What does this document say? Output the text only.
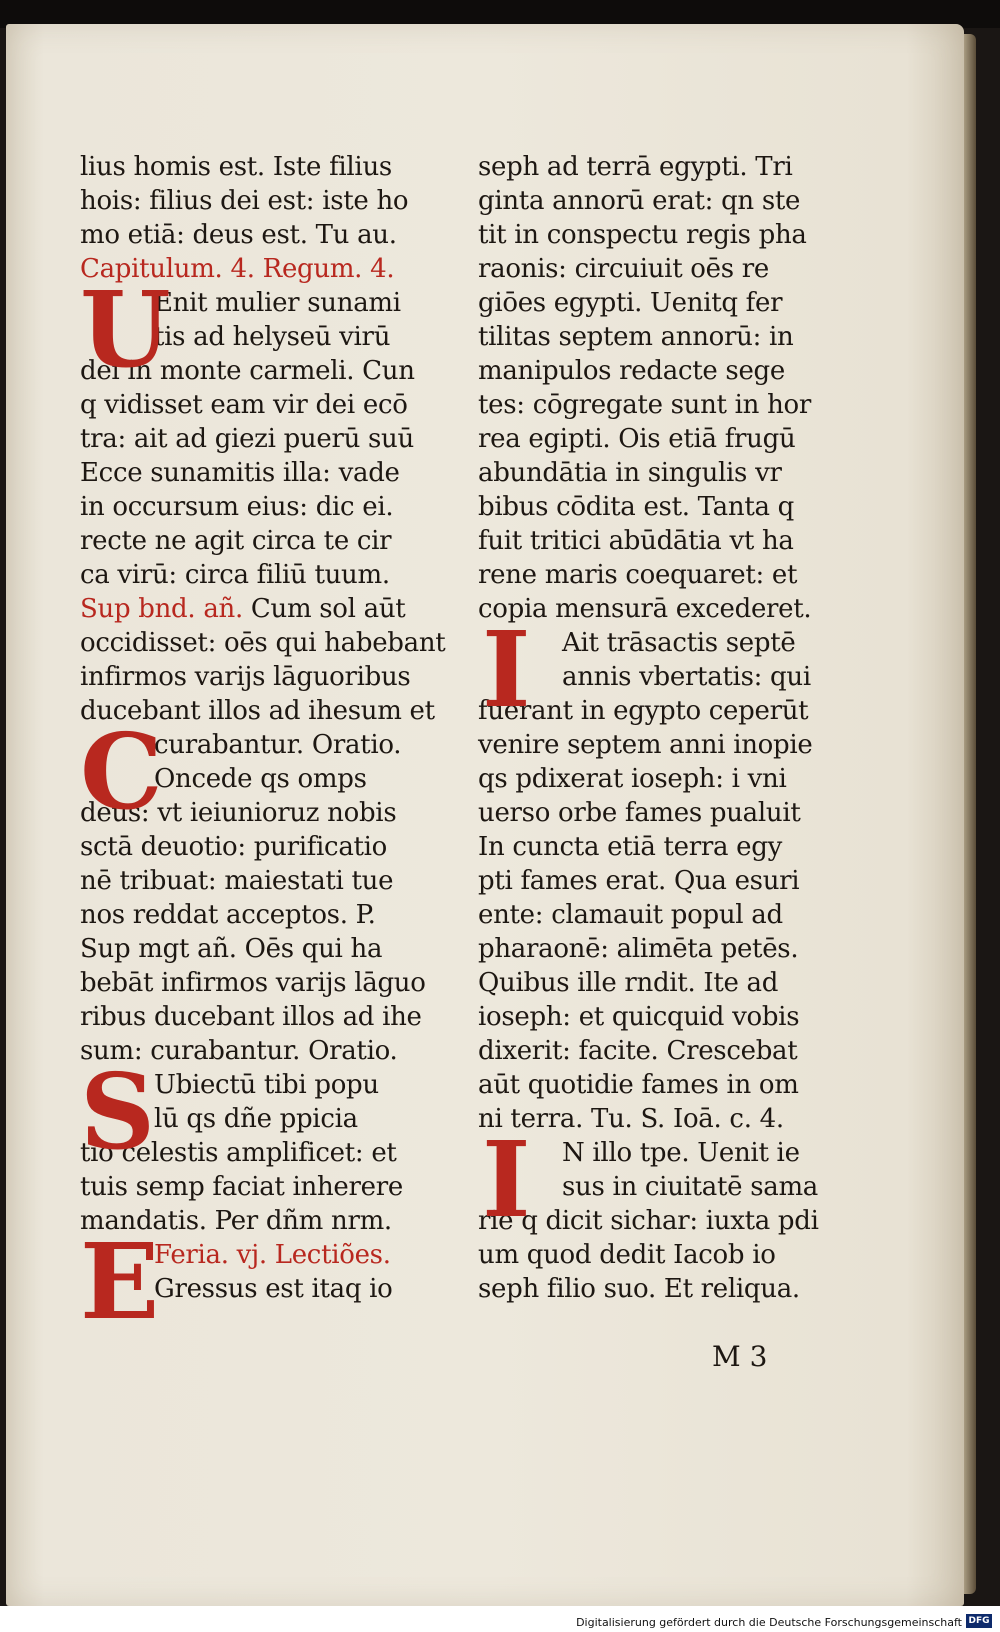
lius homis est. Iste filius
hois: filius dei est: iste ho
mo etiā: deus est. Tu au.
Capitulum. 4. Regum. 4.
Enit mulier sunami
tis ad helyseū virū
dei in monte carmeli. Cun
q vidisset eam vir dei ecō
tra: ait ad giezi puerū suū
Ecce sunamitis illa: vade
in occursum eius: dic ei.
recte ne agit circa te cir
ca virū: circa filiū tuum.
Sup bnd. añ. Cum sol aūt
occidisset: oēs qui habebant
infirmos varijs lāguoribus
ducebant illos ad ihesum et
curabantur. Oratio.
Oncede qs omps
deus: vt ieiunioruz nobis
sctā deuotio: purificatio
nē tribuat: maiestati tue
nos reddat acceptos. P.
Sup mgt añ. Oēs qui ha
bebāt infirmos varijs lāguo
ribus ducebant illos ad ihe
sum: curabantur. Oratio.
Ubiectū tibi popu
lū qs dñe ppicia
tio celestis amplificet: et
tuis semp faciat inherere
mandatis. Per dñm nrm.
Feria. vj. Lectiões.
Gressus est itaq io
U
C
S
E
seph ad terrā egypti. Tri
ginta annorū erat: qn ste
tit in conspectu regis pha
raonis: circuiuit oēs re
giōes egypti. Uenitq fer
tilitas septem annorū: in
manipulos redacte sege
tes: cōgregate sunt in hor
rea egipti. Ois etiā frugū
abundātia in singulis vr
bibus cōdita est. Tanta q
fuit tritici abūdātia vt ha
rene maris coequaret: et
copia mensurā excederet.
Ait trāsactis septē
annis vbertatis: qui
fuerant in egypto ceperūt
venire septem anni inopie
qs pdixerat ioseph: i vni
uerso orbe fames pualuit
In cuncta etiā terra egy
pti fames erat. Qua esuri
ente: clamauit popul ad
pharaonē: alimēta petēs.
Quibus ille rndit. Ite ad
ioseph: et quicquid vobis
dixerit: facite. Crescebat
aūt quotidie fames in om
ni terra. Tu. S. Ioā. c. 4.
N illo tpe. Uenit ie
sus in ciuitatē sama
rie q dicit sichar: iuxta pdi
um quod dedit Iacob io
seph filio suo. Et reliqua.
I
I
M 3
Digitalisierung gefördert durch die Deutsche Forschungsgemeinschaft DFG
